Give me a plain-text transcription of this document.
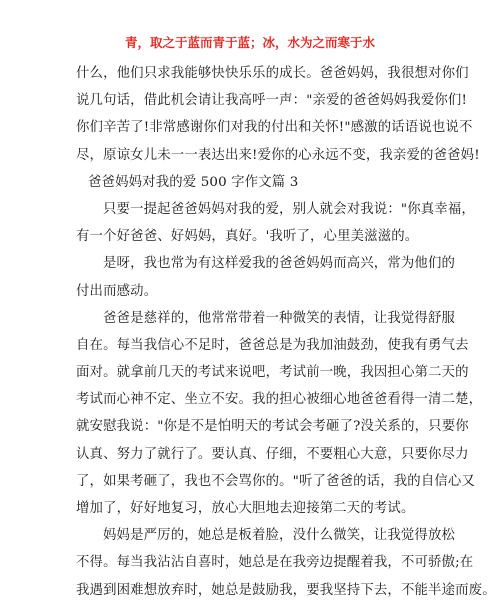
青，取之于蓝而青于蓝；冰，水为之而寒于水
什么，他们只求我能够快快乐乐的成长。爸爸妈妈，我很想对你们
说几句话，借此机会请让我高呼一声："亲爱的爸爸妈妈我爱你们!
你们辛苦了!非常感谢你们对我的付出和关怀!"感激的话语说也说不
尽，原谅女儿未一一表达出来!爱你的心永远不变，我亲爱的爸爸妈!
爸爸妈妈对我的爱 500 字作文篇 3
只要一提起爸爸妈妈对我的爱，别人就会对我说："你真幸福，
有一个好爸爸、好妈妈，真好。'我听了，心里美滋滋的。
是呀，我也常为有这样爱我的爸爸妈妈而高兴，常为他们的
付出而感动。
爸爸是慈祥的，他常常带着一种微笑的表情，让我觉得舒服
自在。每当我信心不足时，爸爸总是为我加油鼓劲，使我有勇气去
面对。就拿前几天的考试来说吧，考试前一晚，我因担心第二天的
考试而心神不定、坐立不安。我的担心被细心地爸爸看得一清二楚，
就安慰我说："你是不是怕明天的考试会考砸了?没关系的，只要你
认真、努力了就行了。要认真、仔细，不要粗心大意，只要你尽力
了，如果考砸了，我也不会骂你的。"听了爸爸的话，我的自信心又
增加了，好好地复习，放心大胆地去迎接第二天的考试。
妈妈是严厉的，她总是板着脸，没什么微笑，让我觉得放松
不得。每当我沾沾自喜时，她总是在我旁边提醒着我，不可骄傲;在
我遇到困难想放弃时，她总是鼓励我，要我坚持下去，不能半途而废。
